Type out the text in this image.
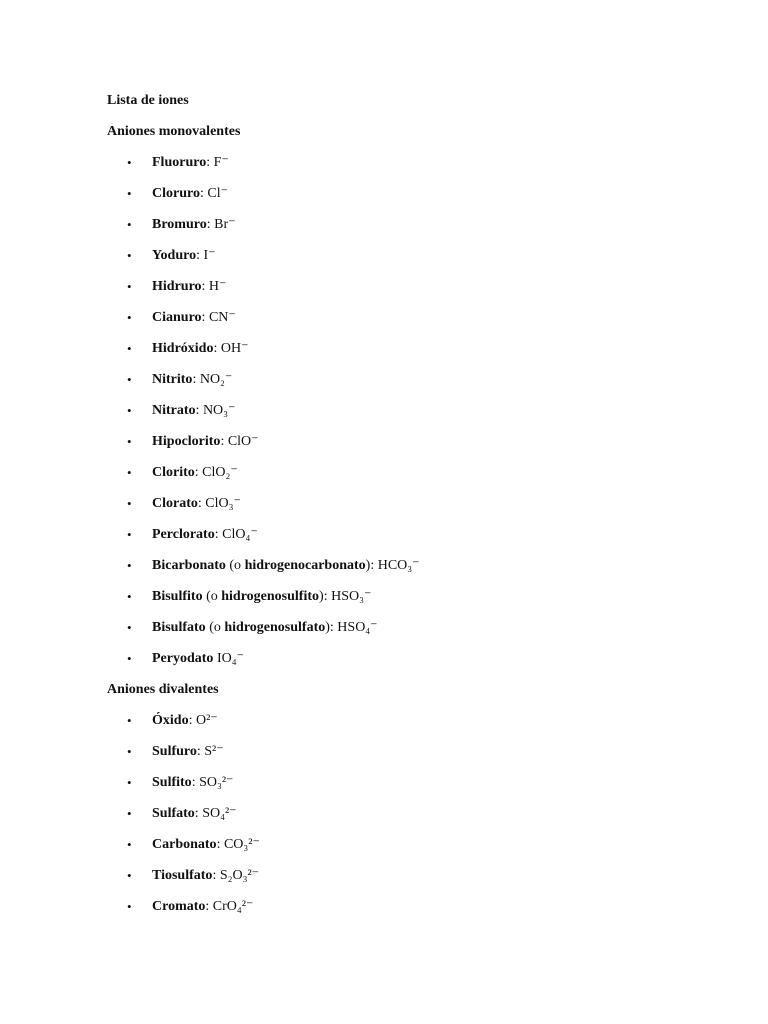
Lista de iones
Aniones monovalentes
• Fluoruro: F⁻
• Cloruro: Cl⁻
• Bromuro: Br⁻
• Yoduro: I⁻
• Hidruro: H⁻
• Cianuro: CN⁻
• Hidróxido: OH⁻
• Nitrito: NO₂⁻
• Nitrato: NO₃⁻
• Hipoclorito: ClO⁻
• Clorito: ClO₂⁻
• Clorato: ClO₃⁻
• Perclorato: ClO₄⁻
• Bicarbonato (o hidrogenocarbonato): HCO₃⁻
• Bisulfito (o hidrogenosulfito): HSO₃⁻
• Bisulfato (o hidrogenosulfato): HSO₄⁻
• Peryodato IO₄⁻
Aniones divalentes
• Óxido: O²⁻
• Sulfuro: S²⁻
• Sulfito: SO₃²⁻
• Sulfato: SO₄²⁻
• Carbonato: CO₃²⁻
• Tiosulfato: S₂O₃²⁻
• Cromato: CrO₄²⁻
